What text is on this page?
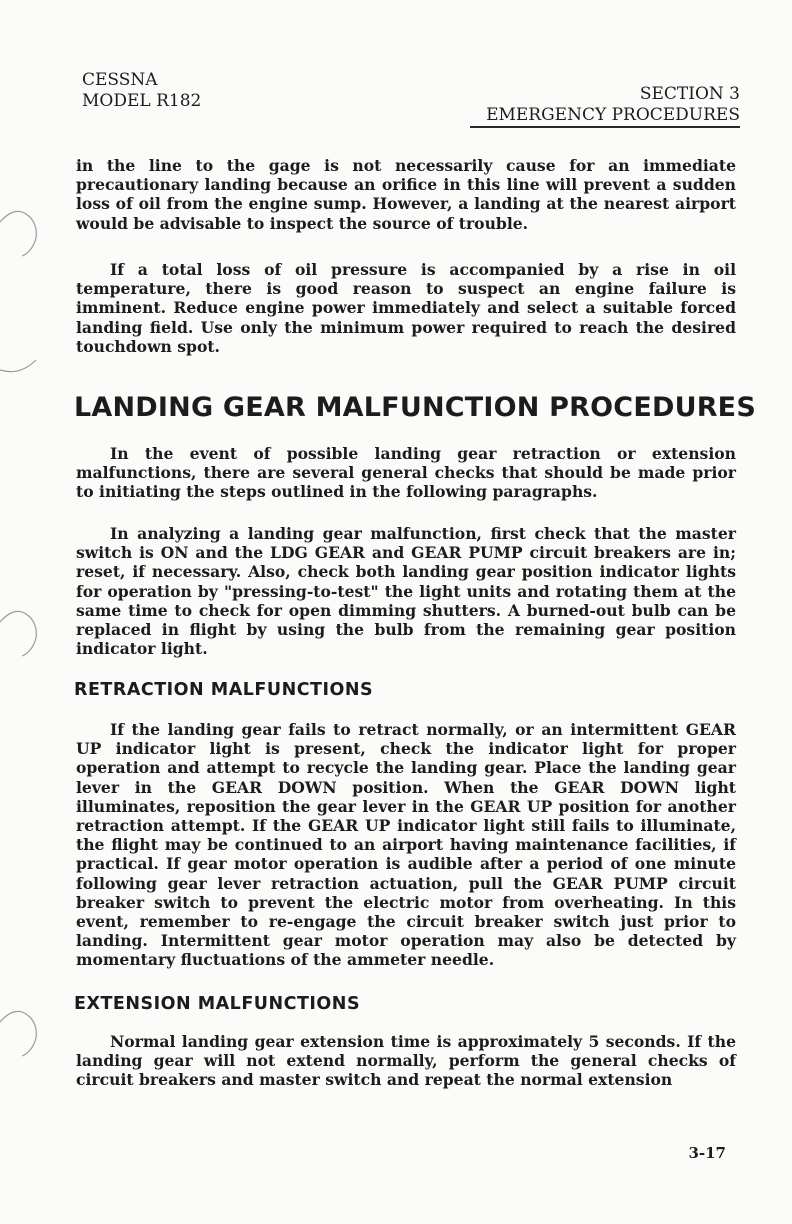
CESSNA
MODEL R182	SECTION 3
EMERGENCY PROCEDURES
in the line to the gage is not necessarily cause for an immediate precautionary landing because an orifice in this line will prevent a sudden loss of oil from the engine sump. However, a landing at the nearest airport would be advisable to inspect the source of trouble.
If a total loss of oil pressure is accompanied by a rise in oil temperature, there is good reason to suspect an engine failure is imminent. Reduce engine power immediately and select a suitable forced landing field. Use only the minimum power required to reach the desired touchdown spot.
LANDING GEAR MALFUNCTION PROCEDURES
In the event of possible landing gear retraction or extension malfunctions, there are several general checks that should be made prior to initiating the steps outlined in the following paragraphs.
In analyzing a landing gear malfunction, first check that the master switch is ON and the LDG GEAR and GEAR PUMP circuit breakers are in; reset, if necessary. Also, check both landing gear position indicator lights for operation by "pressing-to-test" the light units and rotating them at the same time to check for open dimming shutters. A burned-out bulb can be replaced in flight by using the bulb from the remaining gear position indicator light.
RETRACTION MALFUNCTIONS
If the landing gear fails to retract normally, or an intermittent GEAR UP indicator light is present, check the indicator light for proper operation and attempt to recycle the landing gear. Place the landing gear lever in the GEAR DOWN position. When the GEAR DOWN light illuminates, reposition the gear lever in the GEAR UP position for another retraction attempt. If the GEAR UP indicator light still fails to illuminate, the flight may be continued to an airport having maintenance facilities, if practical. If gear motor operation is audible after a period of one minute following gear lever retraction actuation, pull the GEAR PUMP circuit breaker switch to prevent the electric motor from overheating. In this event, remember to re-engage the circuit breaker switch just prior to landing. Intermittent gear motor operation may also be detected by momentary fluctuations of the ammeter needle.
EXTENSION MALFUNCTIONS
Normal landing gear extension time is approximately 5 seconds. If the landing gear will not extend normally, perform the general checks of circuit breakers and master switch and repeat the normal extension
3-17
